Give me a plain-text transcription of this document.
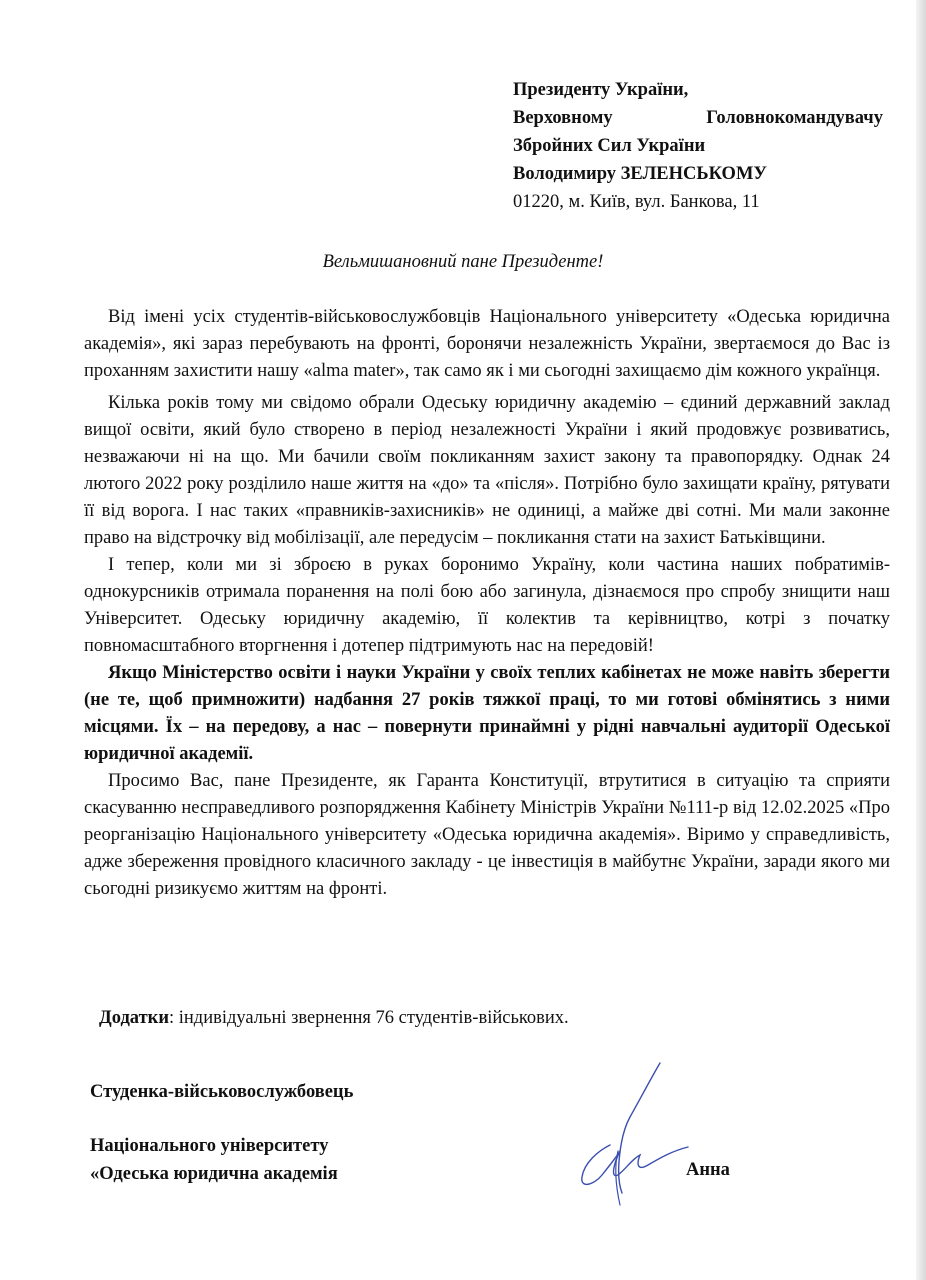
Президенту України,
Верховному	Головнокомандувачу
Збройних Сил України
Володимиру ЗЕЛЕНСЬКОМУ
01220, м. Київ, вул. Банкова, 11
Вельмишановний пане Президенте!

Від імені усіх студентів-військовослужбовців Національного університету «Одеська юридична академія», які зараз перебувають на фронті, боронячи незалежність України, звертаємося до Вас із проханням захистити нашу «alma mater», так само як і ми сьогодні захищаємо дім кожного українця.

Кілька років тому ми свідомо обрали Одеську юридичну академію – єдиний державний заклад вищої освіти, який було створено в період незалежності України і який продовжує розвиватись, незважаючи ні на що. Ми бачили своїм покликанням захист закону та правопорядку. Однак 24 лютого 2022 року розділило наше життя на «до» та «після». Потрібно було захищати країну, рятувати її від ворога. І нас таких «правників-захисників» не одиниці, а майже дві сотні. Ми мали законне право на відстрочку від мобілізації, але передусім – покликання стати на захист Батьківщини.

І тепер, коли ми зі зброєю в руках боронимо Україну, коли частина наших побратимів-однокурсників отримала поранення на полі бою або загинула, дізнаємося про спробу знищити наш Університет. Одеську юридичну академію, її колектив та керівництво, котрі з початку повномасштабного вторгнення і дотепер підтримують нас на передовій!

Якщо Міністерство освіти і науки України у своїх теплих кабінетах не може навіть зберегти (не те, щоб примножити) надбання 27 років тяжкої праці, то ми готові обмінятись з ними місцями. Їх – на передову, а нас – повернути принаймні у рідні навчальні аудиторії Одеської юридичної академії.

Просимо Вас, пане Президенте, як Гаранта Конституції, втрутитися в ситуацію та сприяти скасуванню несправедливого розпорядження Кабінету Міністрів України №111-р від 12.02.2025 «Про реорганізацію Національного університету «Одеська юридична академія». Віримо у справедливість, адже збереження провідного класичного закладу - це інвестиція в майбутнє України, заради якого ми сьогодні ризикуємо життям на фронті.

Додатки: індивідуальні звернення 76 студентів-військових.
Студенка-військовослужбовець
Національного університету
«Одеська юридична академія	Анна
